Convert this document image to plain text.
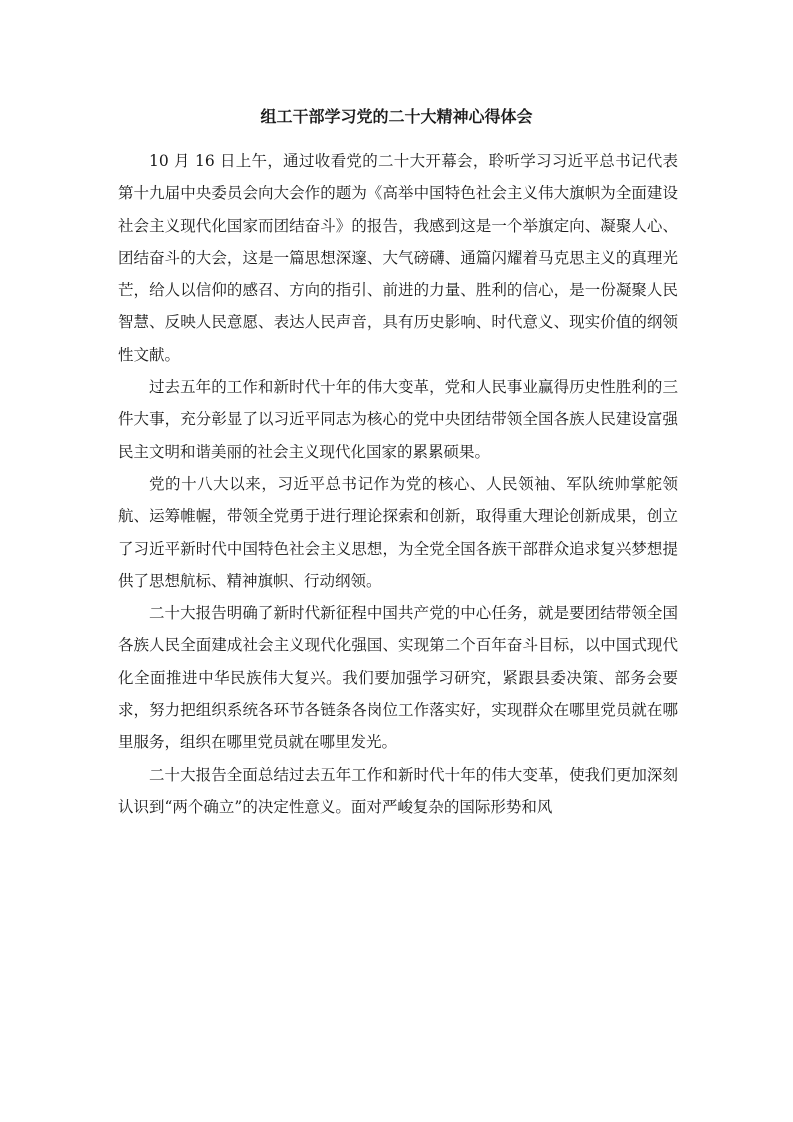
组工干部学习党的二十大精神心得体会

10 月 16 日上午，通过收看党的二十大开幕会，聆听学习习近平总书记代表第十九届中央委员会向大会作的题为《高举中国特色社会主义伟大旗帜为全面建设社会主义现代化国家而团结奋斗》的报告，我感到这是一个举旗定向、凝聚人心、团结奋斗的大会，这是一篇思想深邃、大气磅礴、通篇闪耀着马克思主义的真理光芒，给人以信仰的感召、方向的指引、前进的力量、胜利的信心，是一份凝聚人民智慧、反映人民意愿、表达人民声音，具有历史影响、时代意义、现实价值的纲领性文献。

过去五年的工作和新时代十年的伟大变革，党和人民事业赢得历史性胜利的三件大事，充分彰显了以习近平同志为核心的党中央团结带领全国各族人民建设富强民主文明和谐美丽的社会主义现代化国家的累累硕果。

党的十八大以来，习近平总书记作为党的核心、人民领袖、军队统帅掌舵领航、运筹帷幄，带领全党勇于进行理论探索和创新，取得重大理论创新成果，创立了习近平新时代中国特色社会主义思想，为全党全国各族干部群众追求复兴梦想提供了思想航标、精神旗帜、行动纲领。

二十大报告明确了新时代新征程中国共产党的中心任务，就是要团结带领全国各族人民全面建成社会主义现代化强国、实现第二个百年奋斗目标，以中国式现代化全面推进中华民族伟大复兴。我们要加强学习研究，紧跟县委决策、部务会要求，努力把组织系统各环节各链条各岗位工作落实好，实现群众在哪里党员就在哪里服务，组织在哪里党员就在哪里发光。

二十大报告全面总结过去五年工作和新时代十年的伟大变革，使我们更加深刻认识到“两个确立”的决定性意义。面对严峻复杂的国际形势和风
